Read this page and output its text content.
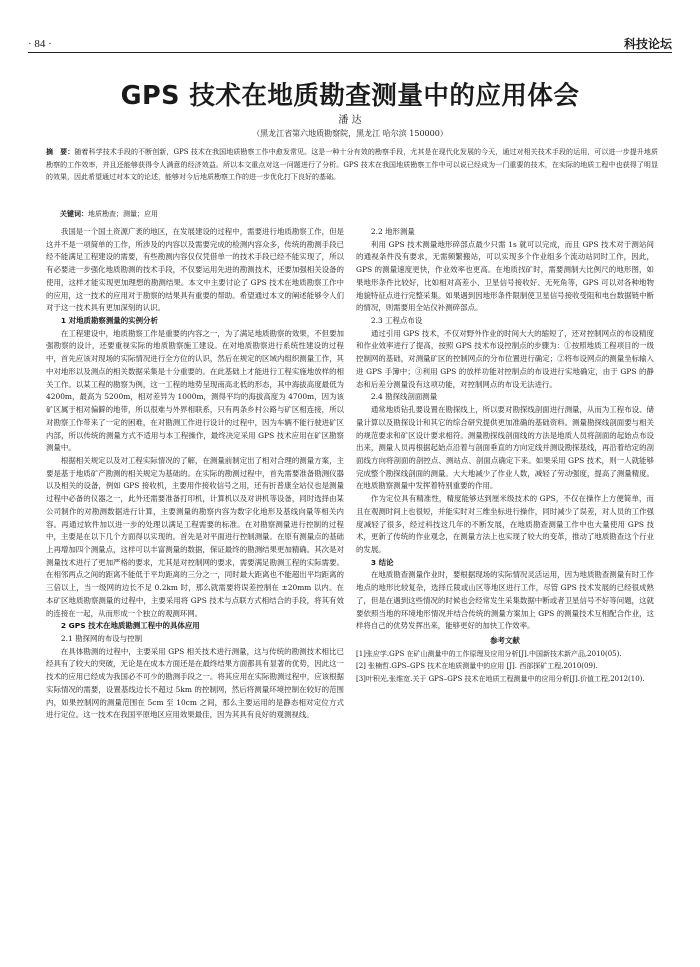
· 84 ·	科技论坛
GPS 技术在地质勘查测量中的应用体会
潘 达
（黑龙江省第六地质勘察院，黑龙江 哈尔滨 150000）
摘　要：随着科学技术手段的不断创新，GPS 技术在我国地质勘察工作中愈发常见。这是一种十分有效的勘察手段，尤其是在现代化发展的今天，通过对相关技术手段的运用，可以进一步提升地质勘察的工作效率，并且还能够获得令人满意的经济效益。所以本文重点对这一问题进行了分析。GPS 技术在我国地质勘察工作中可以说已经成为一门重要的技术，在实际的地质工程中也获得了明显的效果，因此希望通过对本文的论述，能够对今后地质勘察工作的进一步优化打下良好的基础。
关键词：地质勘查；测量；应用

我国是一个国土资源广袤的地区，在发展建设的过程中，需要进行地质勘察工作，但是这并不是一项简单的工作，所涉及的内容以及需要完成的检测内容众多，传统的勘测手段已经不能满足工程建设的需要，有些勘测内容仅仅凭借单一的技术手段已经不能实现了，所以有必要进一步强化地质勘测的技术手段，不仅要运用先进的勘测技术，还要加强相关设备的使用，这样才能实现更加理想的勘测结果。本文中主要讨论了 GPS 技术在地质勘察工作中的应用，这一技术的应用对于勘察的结果具有重要的帮助。希望通过本文的阐述能够令人们对于这一技术具有更加深刻的认识。

1 对地质勘察测量的实例分析

在工程建设中，地质勘察工作是重要的内容之一，为了满足地质勘察的效果，不但要加强勘察的设计，还要重视实际的地质勘察施工建设。在对地质勘察进行系统性建设的过程中，首先应该对现场的实际情况进行全方位的认识，然后在规定的区域内组织测量工作，其中对地形以及测点的相关数据采集是十分重要的。在此基础上才能进行工程实施地放样的相关工作。以某工程的勘察为例，这一工程的地势呈现南高北低的形态，其中海拔高度最低为 4200m，最高为 5200m，相对差异为 1000m，测得平均的海拔高度为 4700m，因为该矿区属于相对偏僻的地带，所以很难与外界相联系，只有两条乡村公路与矿区相连接，所以对勘察工作带来了一定的困难，在对勘测工作进行设计的过程中，因为车辆不能行驶进矿区内部，所以传统的测量方式不适用与本工程操作，最终决定采用 GPS 技术应用在矿区勘察测量中。

根据相关规定以及对工程实际情况的了解，在测量前制定出了相对合理的测量方案，主要是基于地质矿产勘测的相关规定为基础的。在实际的勘测过程中，首先需要准备勘测仪器以及相关的设备，例如 GPS 接收机，主要用作接收信号之用，还有折普康全站仪也是测量过程中必备的仪器之一，此外还需要准备打印机，计算机以及对讲机等设备，同时选择由某公司制作的对勘测数据进行计算，主要测量的勘察内容为数字化地形及基线向量等相关内容。再通过软件加以进一步的处理以满足工程需要的标准。在对勘察测量进行控制的过程中，主要是在以下几个方面得以实现的。首先是对平面进行控制测量。在原有测量点的基础上再增加四个测量点，这样可以丰富测量的数据，保证最终的勘测结果更加精确。其次是对测量技术进行了更加严格的要求，尤其是对控制网的要求，需要满足勘测工程的实际需要。在相邻两点之间的距离不能低于平均距离的三分之一，同时最大距离也不能超出平均距离的三倍以上，当一级网的边长不足 0.2km 时，那么就需要将误差控制在 ±20mm 以内。在本矿区地质勘察测量的过程中，主要采用将 GPS 技术与点联方式相结合的手段，将其有效的连接在一起，从而形成一个独立的观测环网。

2 GPS 技术在地质勘测工程中的具体应用

2.1 勘探网的布设与控制

在具体勘测的过程中，主要采用 GPS 相关技术进行测量，这与传统的勘测技术相比已经具有了较大的突破，无论是在成本方面还是在最终结果方面都具有显著的优势，因此这一技术的应用已经成为我国必不可少的勘测手段之一。将其应用在实际勘测过程中，应该根据实际情况的需要，设置基线边长不超过 5km 的控制网，然后将测量环境控制在较好的范围内，如果控制网的测量范围在 5cm 至 10cm 之间，那么主要运用的是静态相对定位方式进行定位。这一技术在我国平原地区应用效果最佳，因为其具有良好的观测视线。

2.2 地形测量

利用 GPS 技术测量地形碎部点最少只需 1s 就可以完成，而且 GPS 技术对于测站间的通视条件没有要求，无需频繁搬站，可以实现多个作业组多个流动站同时工作，因此，GPS 的测量速度更快，作业效率也更高。在地质找矿时，需要测制大比例尺的地形图，如果地形条件比较好，比如相对高差小、卫星信号接收好、无死角等，GPS 可以对各种地物地貌特征点进行完整采集。如果遇到因地形条件限制使卫星信号接收受阻和电台数据链中断的情况，则需要用全站仪补测碎部点。

2.3 工程点布设

通过引用 GPS 技术，不仅对野外作业的时间大大的缩短了，还对控制网点的布设精度和作业效率进行了提高，按照 GPS 技术布设控制点的步骤为：①按照地质工程项目的一级控制网的基础，对测量矿区的控制网点的分布位置进行确定；②将布设网点的测量坐标输入进 GPS 手簿中；③利用 GPS 的放样功能对控制点的布设进行实地确定，由于 GPS 的静态和后差分测量没有这项功能，对控制网点的布设无法进行。

2.4 勘探线剖面测量

通常地质钻孔要设置在勘探线上，所以要对勘探线剖面进行测量，从而为工程布设、储量计算以及勘探设计和其它的综合研究提供更加准确的基础资料。测量勘探线剖面要与相关的规范要求和矿区设计要求相符。测量勘探线剖面线的方法是地质人员将剖面的起始点布设出来，测量人员再根据起始点沿着与剖面垂直的方向定线并测设勘探基线，再沿着给定的剖面线方向将剖面的剖控点、测站点、剖面点确定下来。如果采用 GPS 技术，则一人就能够完成整个勘探线剖面的测量。大大地减少了作业人数，减轻了劳动强度，提高了测量精度。在地质勘察测量中发挥着特别重要的作用。

作为定位具有精准性，精度能够达到厘米级技术的 GPS，不仅在操作上方便简单，而且在观测时间上也很短，并能实时对三维坐标进行操作，同时减少了误差，对人员的工作强度减轻了很多，经过科技这几年的不断发展，在地质勘查测量工作中也大量使用 GPS 技术，更新了传统的作业观念，在测量方法上也实现了较大的变革，推动了地质勘查这个行业的发展。

3 结论

在地质勘查测量作业时，要根据现场的实际情况灵活运用，因为地质勘查测量有时工作地点的地形比较复杂，选择丘陵或山区等地区进行工作，尽管 GPS 技术发展的已经很成熟了，但是在遇到这些情况的时候也会经常发生采集数据中断或者卫星信号不好等问题，这就要依照当地的环境地形情况并结合传统的测量方案加上 GPS 的测量技术互相配合作业，这样将自己的优势发挥出来，能够更好的加快工作效率。

参考文献

[1]张应学.GPS 在矿山测量中的工作原理及应用分析[J].中国新技术新产品,2010(05).

[2] 张楠哲.GPS–GPS 技术在地质测量中的应用 [J]. 西部探矿工程,2010(09).

[3]叶积光,张维宽.关于 GPS–GPS 技术在地质工程测量中的应用分析[J].价值工程,2012(10).
